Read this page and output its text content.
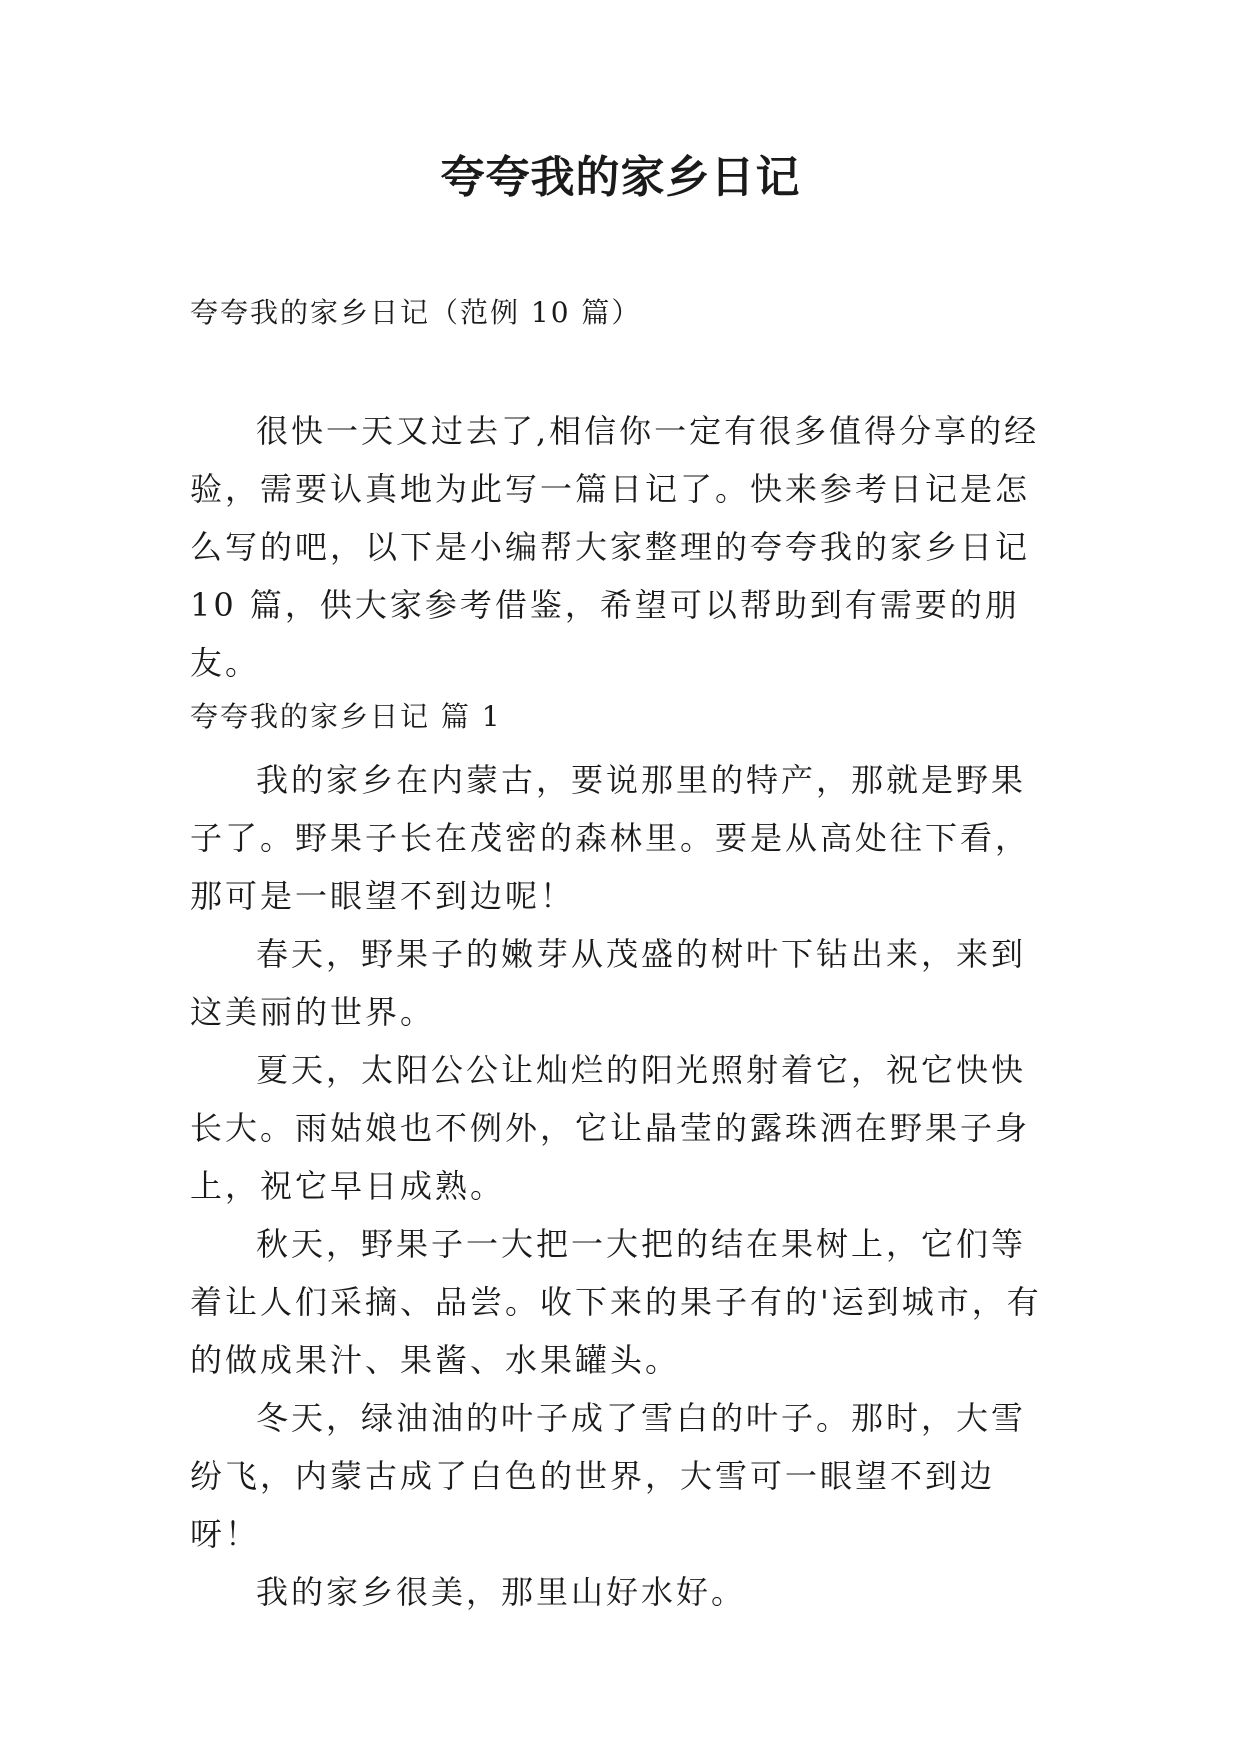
夸夸我的家乡日记

夸夸我的家乡日记（范例 10 篇）

很快一天又过去了,相信你一定有很多值得分享的经验，需要认真地为此写一篇日记了。快来参考日记是怎么写的吧，以下是小编帮大家整理的夸夸我的家乡日记 10 篇，供大家参考借鉴，希望可以帮助到有需要的朋友。

夸夸我的家乡日记 篇 1

我的家乡在内蒙古，要说那里的特产，那就是野果子了。野果子长在茂密的森林里。要是从高处往下看，那可是一眼望不到边呢！

春天，野果子的嫩芽从茂盛的树叶下钻出来，来到这美丽的世界。

夏天，太阳公公让灿烂的阳光照射着它，祝它快快长大。雨姑娘也不例外，它让晶莹的露珠洒在野果子身上，祝它早日成熟。

秋天，野果子一大把一大把的结在果树上，它们等着让人们采摘、品尝。收下来的果子有的'运到城市，有的做成果汁、果酱、水果罐头。

冬天，绿油油的叶子成了雪白的叶子。那时，大雪纷飞，内蒙古成了白色的世界，大雪可一眼望不到边呀！

我的家乡很美，那里山好水好。
